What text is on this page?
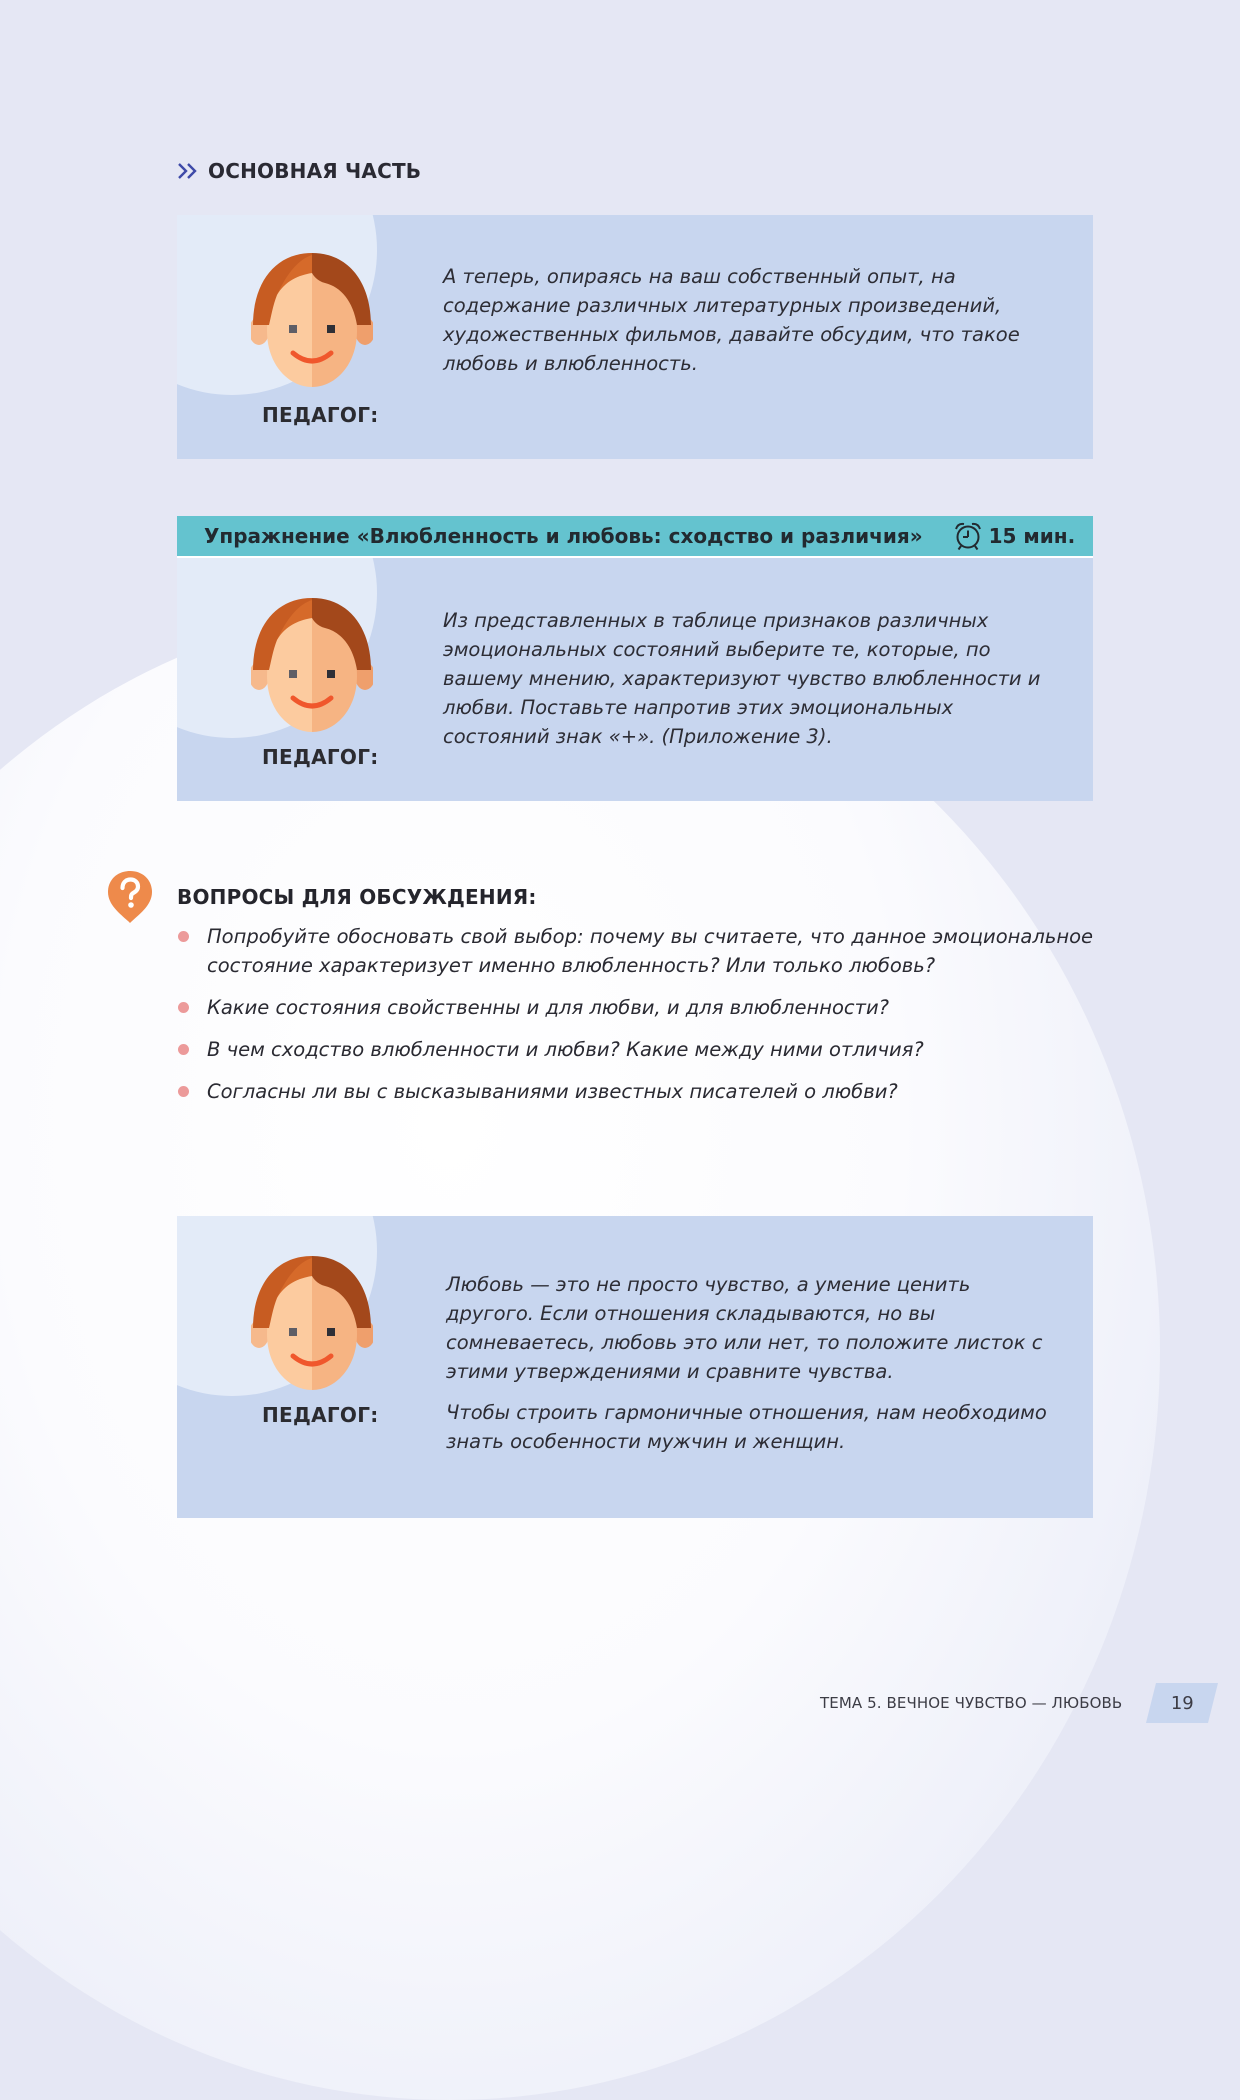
ОСНОВНАЯ ЧАСТЬ
ПЕДАГОГ:

А теперь, опираясь на ваш собственный опыт, на содержание различных литературных произведений, художественных фильмов, давайте обсудим, что такое любовь и влюбленность.

Упражнение «Влюбленность и любовь: сходство и различия»	15 мин.
ПЕДАГОГ:

Из представленных в таблице признаков различных эмоциональных состояний выберите те, которые, по вашему мнению, характеризуют чувство влюбленности и любви. Поставьте напротив этих эмоциональных состояний знак «+». (Приложение 3).

ВОПРОСЫ ДЛЯ ОБСУЖДЕНИЯ:
Попробуйте обосновать свой выбор: почему вы считаете, что данное эмоциональное состояние характеризует именно влюбленность? Или только любовь?
Какие состояния свойственны и для любви, и для влюбленности?
В чем сходство влюбленности и любви? Какие между ними отличия?
Согласны ли вы с высказываниями известных писателей о любви?
ПЕДАГОГ:

Любовь — это не просто чувство, а умение ценить другого. Если отношения складываются, но вы сомневаетесь, любовь это или нет, то положите листок с этими утверждениями и сравните чувства.

Чтобы строить гармоничные отношения, нам необходимо знать особенности мужчин и женщин.

ТЕМА 5. ВЕЧНОЕ ЧУВСТВО — ЛЮБОВЬ	19
